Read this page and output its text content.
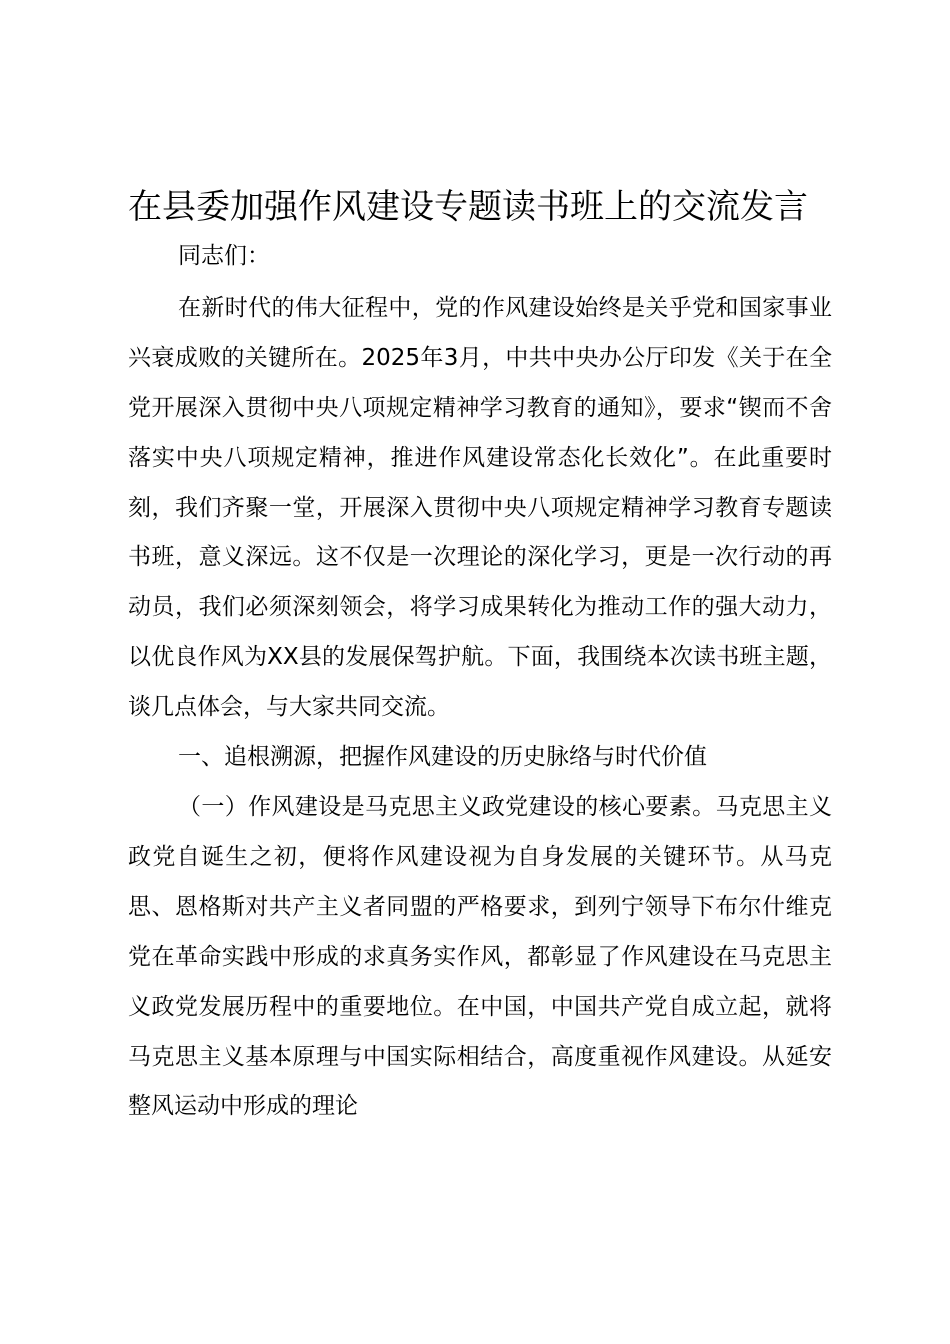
在县委加强作风建设专题读书班上的交流发言

同志们：

在新时代的伟大征程中，党的作风建设始终是关乎党和国家事业兴衰成败的关键所在。2025年3月，中共中央办公厅印发《关于在全党开展深入贯彻中央八项规定精神学习教育的通知》，要求“锲而不舍落实中央八项规定精神，推进作风建设常态化长效化”。在此重要时刻，我们齐聚一堂，开展深入贯彻中央八项规定精神学习教育专题读书班，意义深远。这不仅是一次理论的深化学习，更是一次行动的再动员，我们必须深刻领会，将学习成果转化为推动工作的强大动力，以优良作风为XX县的发展保驾护航。下面，我围绕本次读书班主题，谈几点体会，与大家共同交流。

一、追根溯源，把握作风建设的历史脉络与时代价值

（一）作风建设是马克思主义政党建设的核心要素。马克思主义政党自诞生之初，便将作风建设视为自身发展的关键环节。从马克思、恩格斯对共产主义者同盟的严格要求，到列宁领导下布尔什维克党在革命实践中形成的求真务实作风，都彰显了作风建设在马克思主义政党发展历程中的重要地位。在中国，中国共产党自成立起，就将马克思主义基本原理与中国实际相结合，高度重视作风建设。从延安整风运动中形成的理论
